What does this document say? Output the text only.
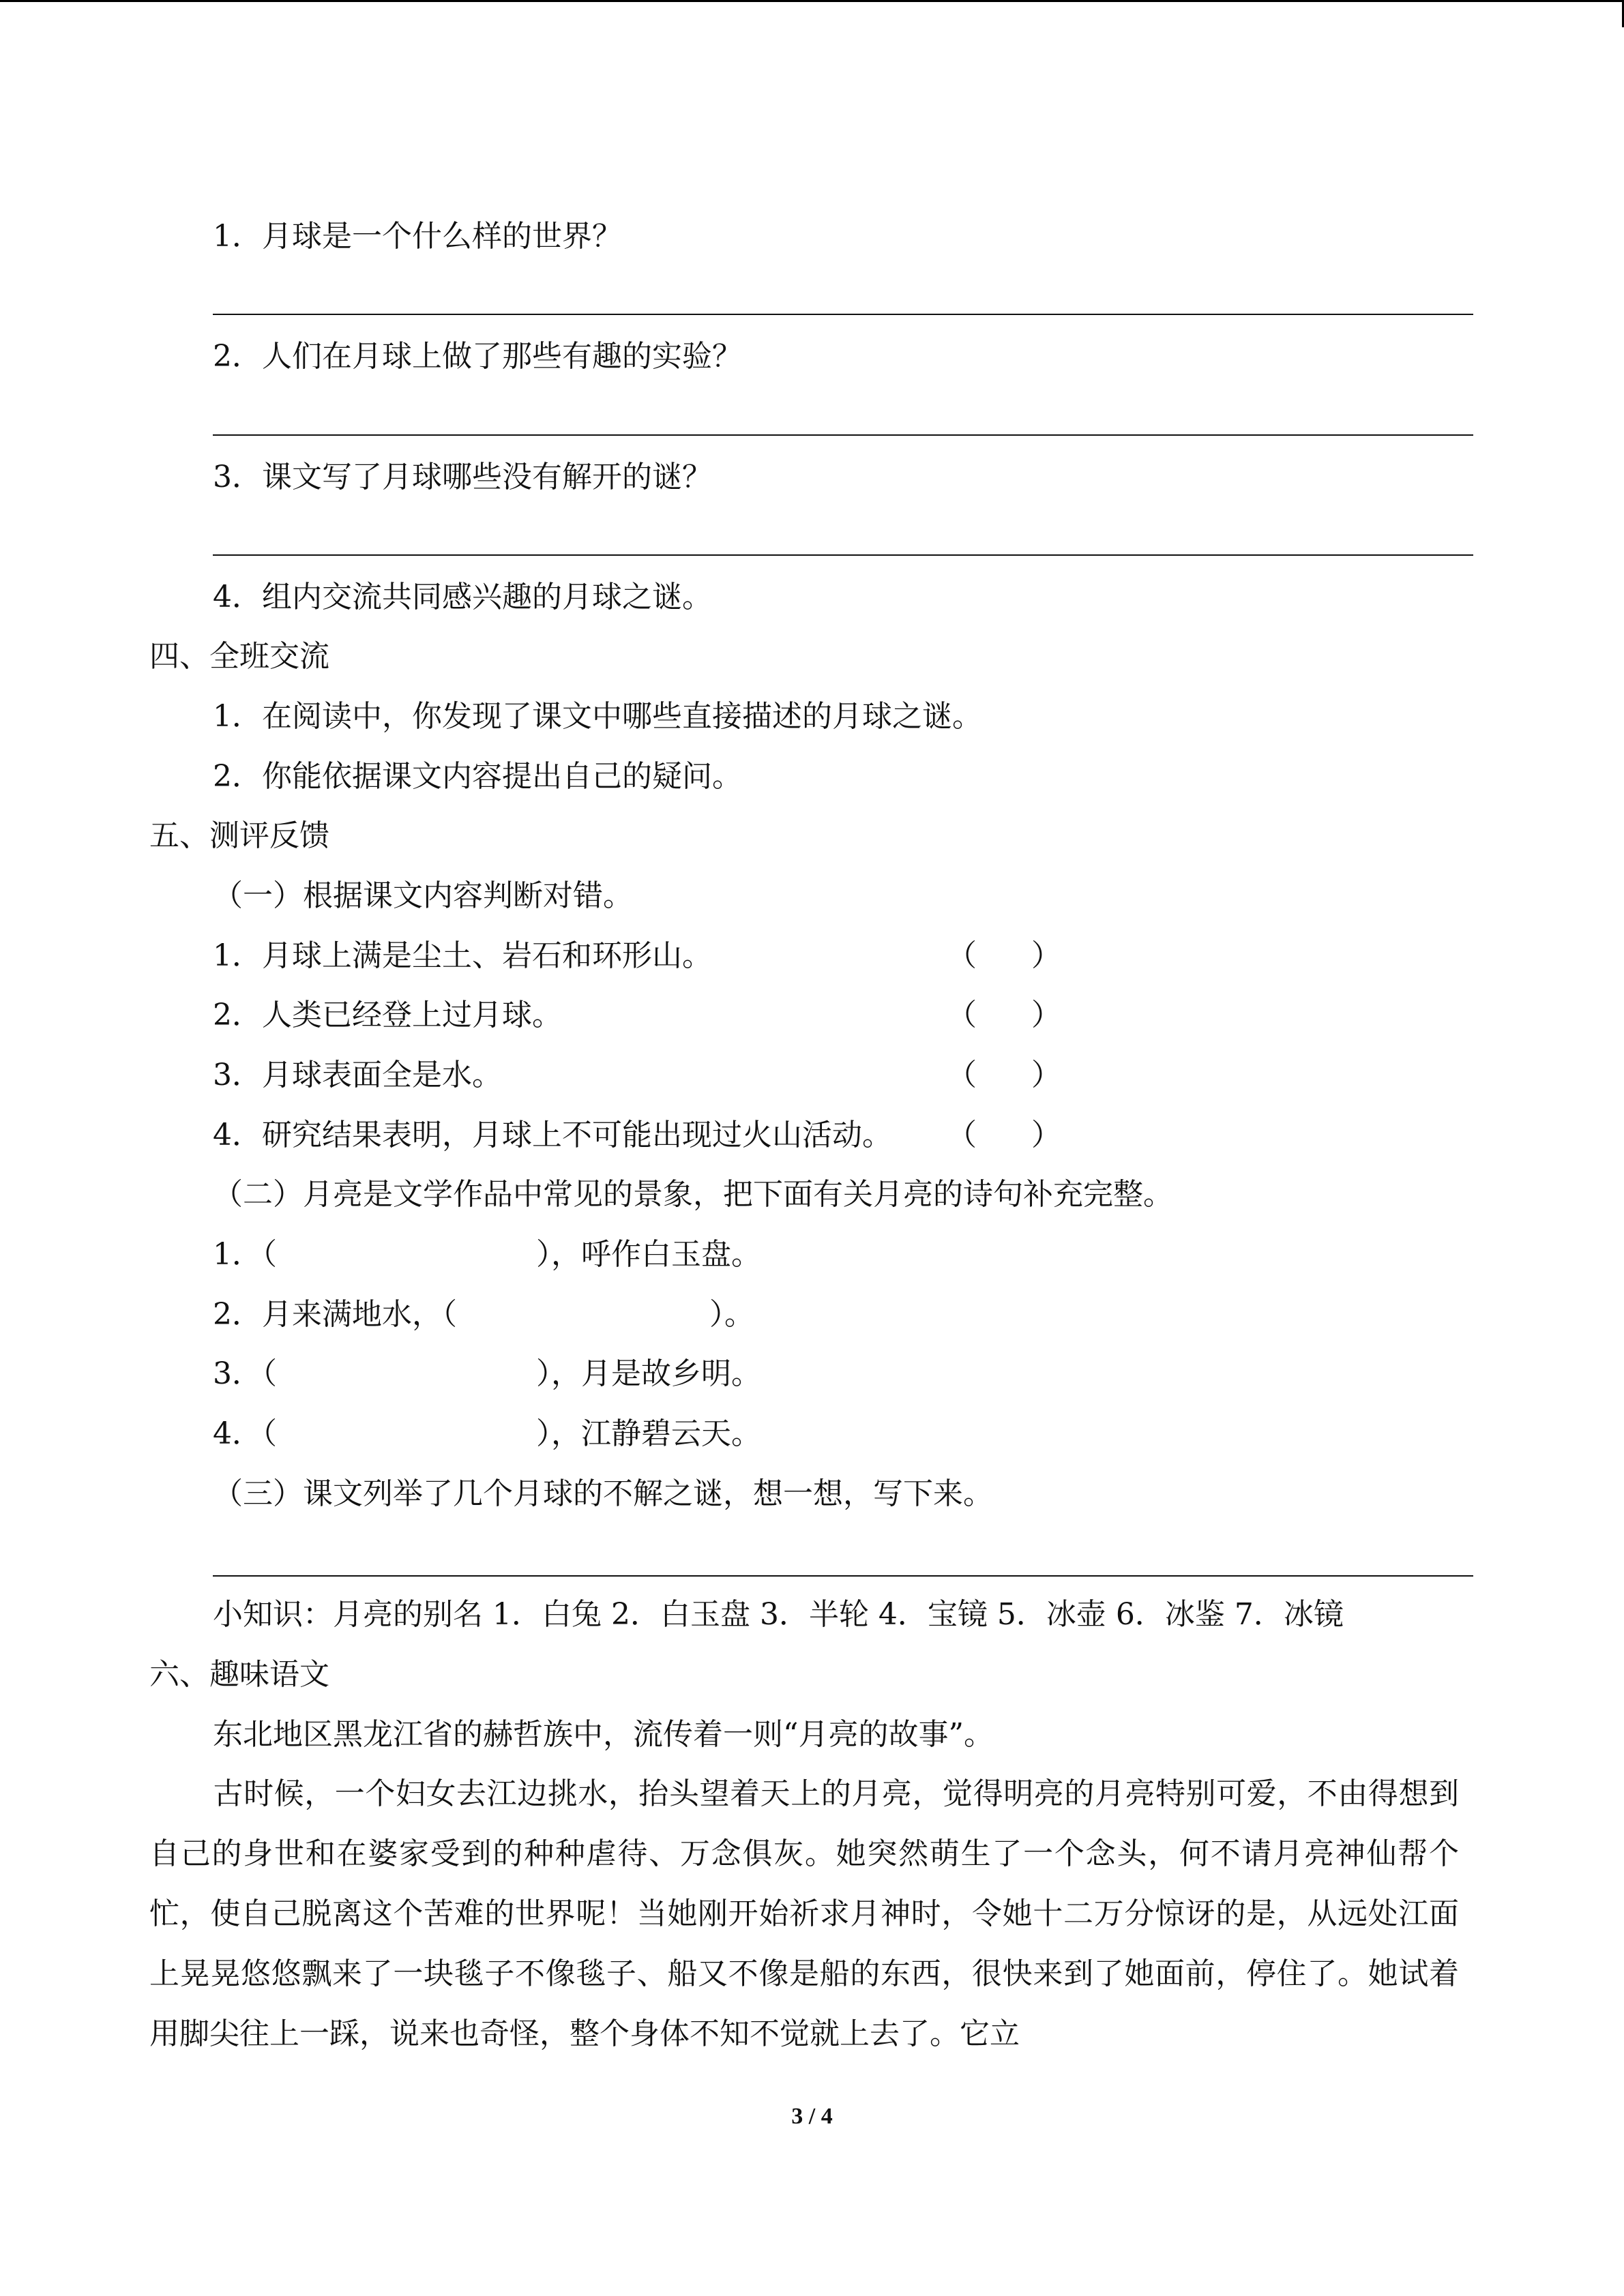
1．月球是一个什么样的世界？
2．人们在月球上做了那些有趣的实验？
3．课文写了月球哪些没有解开的谜？
4．组内交流共同感兴趣的月球之谜。
四、全班交流
1．在阅读中，你发现了课文中哪些直接描述的月球之谜。
2．你能依据课文内容提出自己的疑问。
五、测评反馈
（一）根据课文内容判断对错。
1．月球上满是尘土、岩石和环形山。	（ ）
2．人类已经登上过月球。	（ ）
3．月球表面全是水。	（ ）
4．研究结果表明，月球上不可能出现过火山活动。 （ ）
（二）月亮是文学作品中常见的景象，把下面有关月亮的诗句补充完整。
1．（	），呼作白玉盘。
2．月来满地水，（	）。
3．（	），月是故乡明。
4．（	），江静碧云天。
（三）课文列举了几个月球的不解之谜，想一想，写下来。
小知识：月亮的别名 1．白兔 2．白玉盘 3．半轮 4．宝镜 5．冰壶 6．冰鉴 7．冰镜
六、趣味语文
东北地区黑龙江省的赫哲族中，流传着一则“月亮的故事”。
古时候，一个妇女去江边挑水，抬头望着天上的月亮，觉得明亮的月亮特别可爱，不由得想到自己的身世和在婆家受到的种种虐待、万念俱灰。她突然萌生了一个念头，何不请月亮神仙帮个忙，使自己脱离这个苦难的世界呢！当她刚开始祈求月神时，令她十二万分惊讶的是，从远处江面上晃晃悠悠飘来了一块毯子不像毯子、船又不像是船的东西，很快来到了她面前，停住了。她试着用脚尖往上一踩，说来也奇怪，整个身体不知不觉就上去了。它立
3 / 4
